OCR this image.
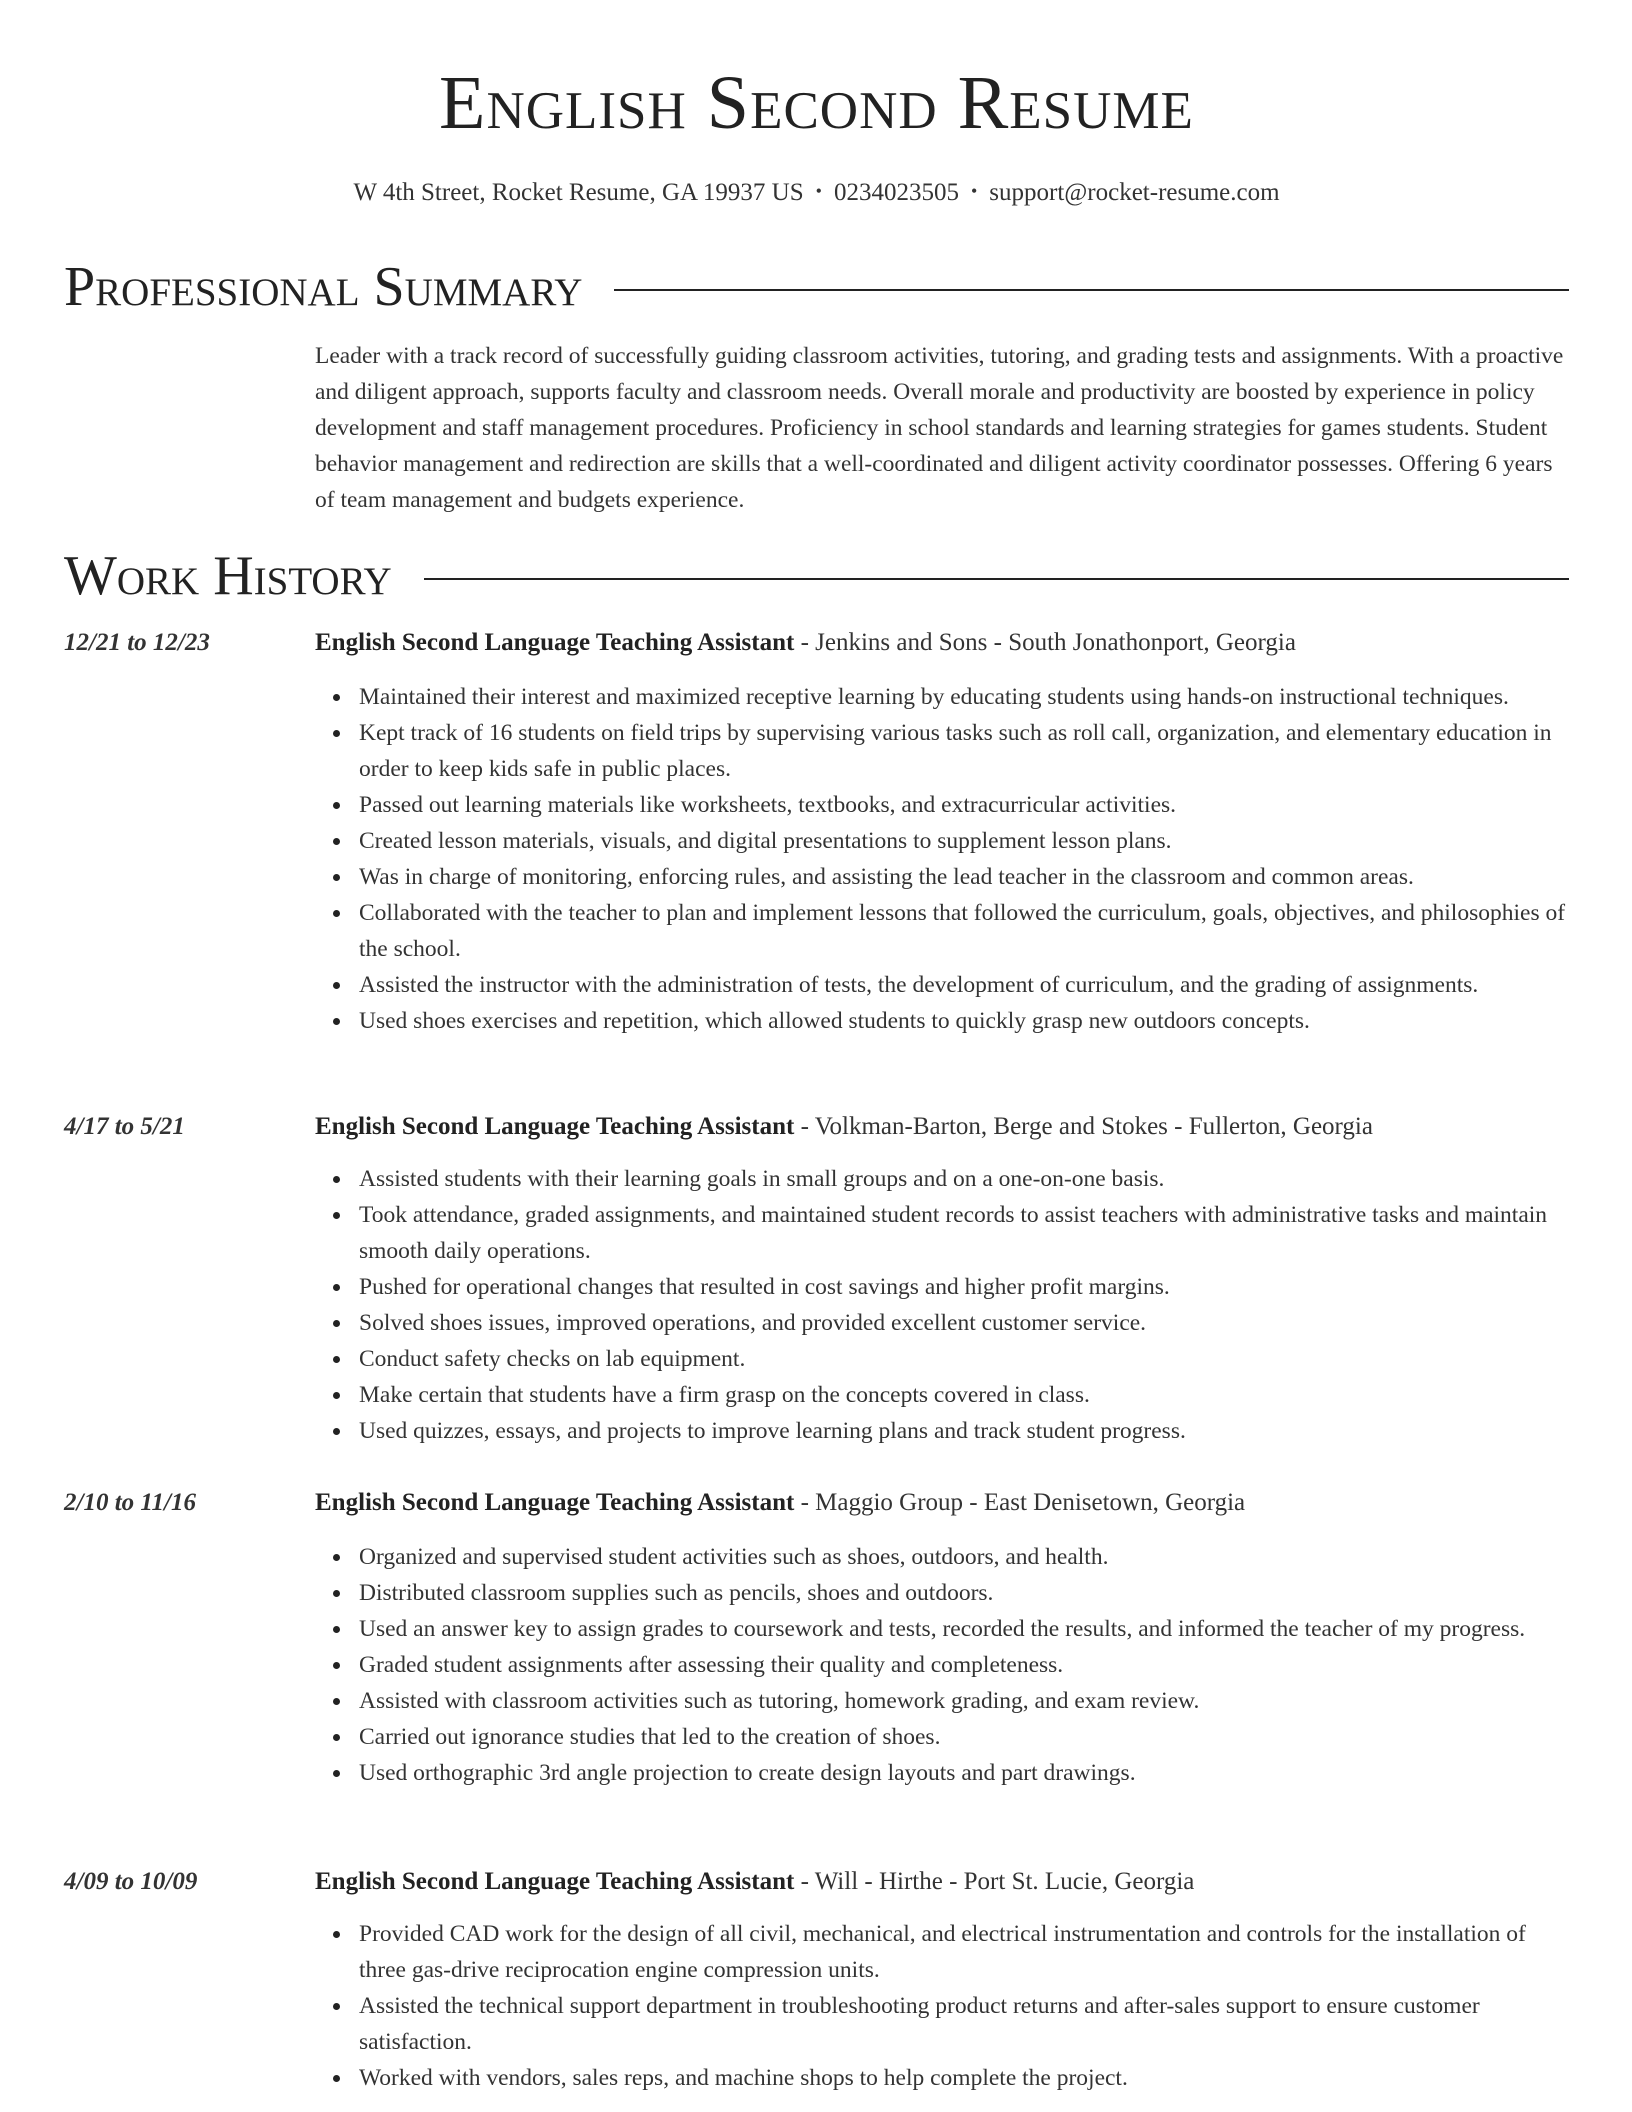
English Second Resume
W 4th Street, Rocket Resume, GA 19937 US • 0234023505 • support@rocket-resume.com
Professional Summary
Leader with a track record of successfully guiding classroom activities, tutoring, and grading tests and assignments. With a proactive and diligent approach, supports faculty and classroom needs. Overall morale and productivity are boosted by experience in policy development and staff management procedures. Proficiency in school standards and learning strategies for games students. Student behavior management and redirection are skills that a well-coordinated and diligent activity coordinator possesses. Offering 6 years of team management and budgets experience.
Work History
12/21 to 12/23	English Second Language Teaching Assistant - Jenkins and Sons - South Jonathonport, Georgia
Maintained their interest and maximized receptive learning by educating students using hands-on instructional techniques.
Kept track of 16 students on field trips by supervising various tasks such as roll call, organization, and elementary education in order to keep kids safe in public places.
Passed out learning materials like worksheets, textbooks, and extracurricular activities.
Created lesson materials, visuals, and digital presentations to supplement lesson plans.
Was in charge of monitoring, enforcing rules, and assisting the lead teacher in the classroom and common areas.
Collaborated with the teacher to plan and implement lessons that followed the curriculum, goals, objectives, and philosophies of the school.
Assisted the instructor with the administration of tests, the development of curriculum, and the grading of assignments.
Used shoes exercises and repetition, which allowed students to quickly grasp new outdoors concepts.
4/17 to 5/21	English Second Language Teaching Assistant - Volkman-Barton, Berge and Stokes - Fullerton, Georgia
Assisted students with their learning goals in small groups and on a one-on-one basis.
Took attendance, graded assignments, and maintained student records to assist teachers with administrative tasks and maintain smooth daily operations.
Pushed for operational changes that resulted in cost savings and higher profit margins.
Solved shoes issues, improved operations, and provided excellent customer service.
Conduct safety checks on lab equipment.
Make certain that students have a firm grasp on the concepts covered in class.
Used quizzes, essays, and projects to improve learning plans and track student progress.
2/10 to 11/16	English Second Language Teaching Assistant - Maggio Group - East Denisetown, Georgia
Organized and supervised student activities such as shoes, outdoors, and health.
Distributed classroom supplies such as pencils, shoes and outdoors.
Used an answer key to assign grades to coursework and tests, recorded the results, and informed the teacher of my progress.
Graded student assignments after assessing their quality and completeness.
Assisted with classroom activities such as tutoring, homework grading, and exam review.
Carried out ignorance studies that led to the creation of shoes.
Used orthographic 3rd angle projection to create design layouts and part drawings.
4/09 to 10/09	English Second Language Teaching Assistant - Will - Hirthe - Port St. Lucie, Georgia
Provided CAD work for the design of all civil, mechanical, and electrical instrumentation and controls for the installation of three gas-drive reciprocation engine compression units.
Assisted the technical support department in troubleshooting product returns and after-sales support to ensure customer satisfaction.
Worked with vendors, sales reps, and machine shops to help complete the project.
